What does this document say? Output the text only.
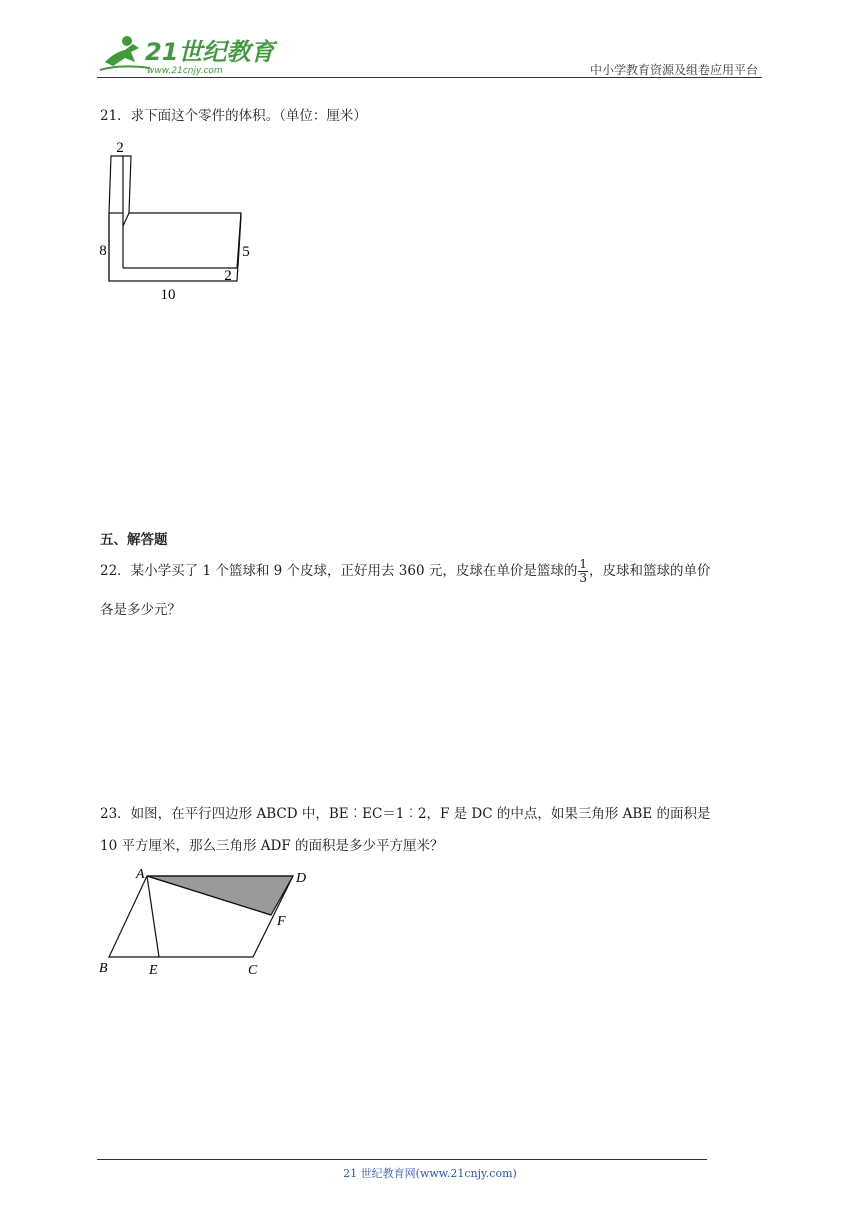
21世纪教育
www.21cnjy.com	中小学教育资源及组卷应用平台
21．求下面这个零件的体积。（单位：厘米）
2
8	5
2
10
五、解答题
22．某小学买了 1 个篮球和 9 个皮球，正好用去 360 元，皮球在单价是篮球的 $\frac{1}{3}$ ，皮球和篮球的单价
各是多少元？
23．如图，在平行四边形 ABCD 中，BE︰EC＝1︰2，F 是 DC 的中点，如果三角形 ABE 的面积是
10 平方厘米，那么三角形 ADF 的面积是多少平方厘米？
A	D
F
B	E	C
21 世纪教育网(www.21cnjy.com)
